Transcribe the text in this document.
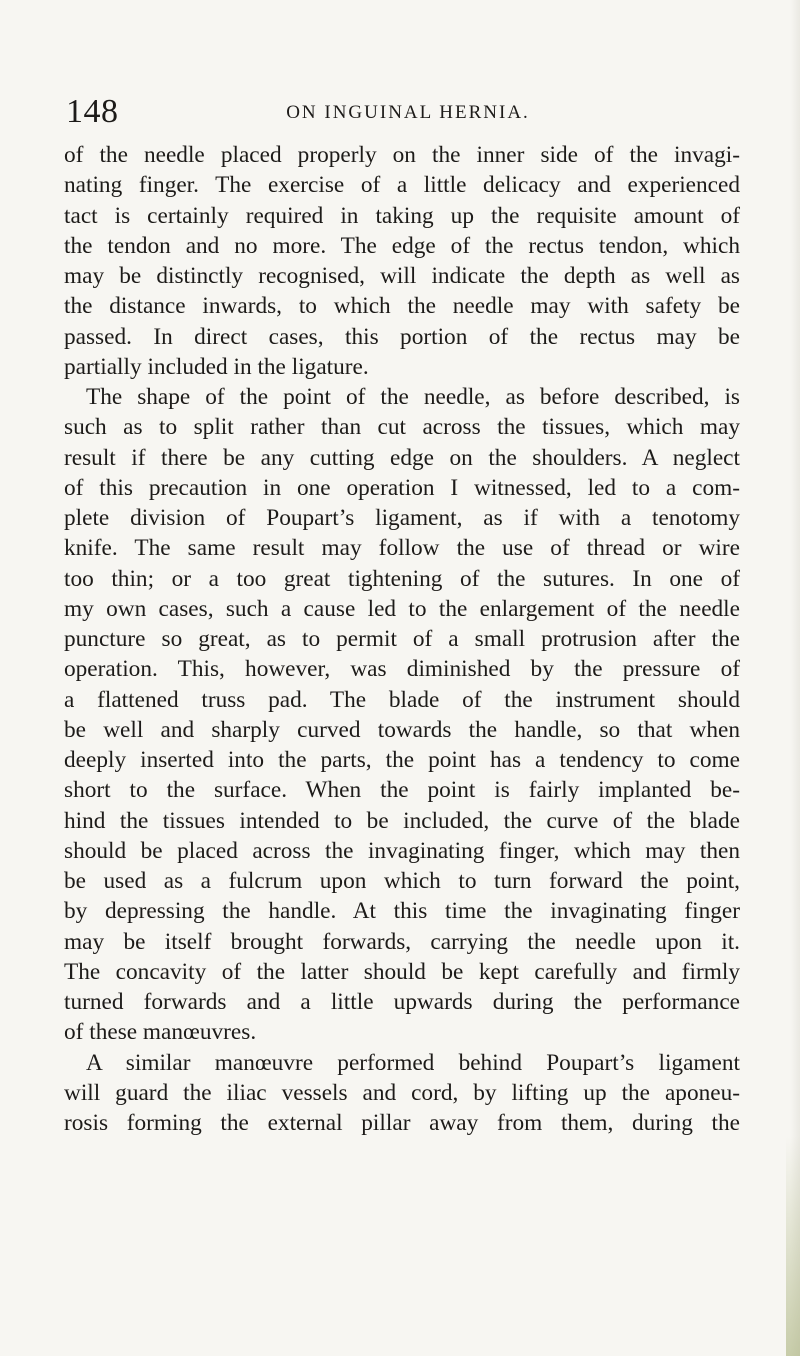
148	ON INGUINAL HERNIA.
of the needle placed properly on the inner side of the invagi-
nating finger. The exercise of a little delicacy and experienced
tact is certainly required in taking up the requisite amount of
the tendon and no more. The edge of the rectus tendon, which
may be distinctly recognised, will indicate the depth as well as
the distance inwards, to which the needle may with safety be
passed. In direct cases, this portion of the rectus may be
partially included in the ligature.
The shape of the point of the needle, as before described, is
such as to split rather than cut across the tissues, which may
result if there be any cutting edge on the shoulders. A neglect
of this precaution in one operation I witnessed, led to a com-
plete division of Poupart’s ligament, as if with a tenotomy
knife. The same result may follow the use of thread or wire
too thin; or a too great tightening of the sutures. In one of
my own cases, such a cause led to the enlargement of the needle
puncture so great, as to permit of a small protrusion after the
operation. This, however, was diminished by the pressure of
a flattened truss pad. The blade of the instrument should
be well and sharply curved towards the handle, so that when
deeply inserted into the parts, the point has a tendency to come
short to the surface. When the point is fairly implanted be-
hind the tissues intended to be included, the curve of the blade
should be placed across the invaginating finger, which may then
be used as a fulcrum upon which to turn forward the point,
by depressing the handle. At this time the invaginating finger
may be itself brought forwards, carrying the needle upon it.
The concavity of the latter should be kept carefully and firmly
turned forwards and a little upwards during the performance
of these manœuvres.
A similar manœuvre performed behind Poupart’s ligament
will guard the iliac vessels and cord, by lifting up the aponeu-
rosis forming the external pillar away from them, during the
